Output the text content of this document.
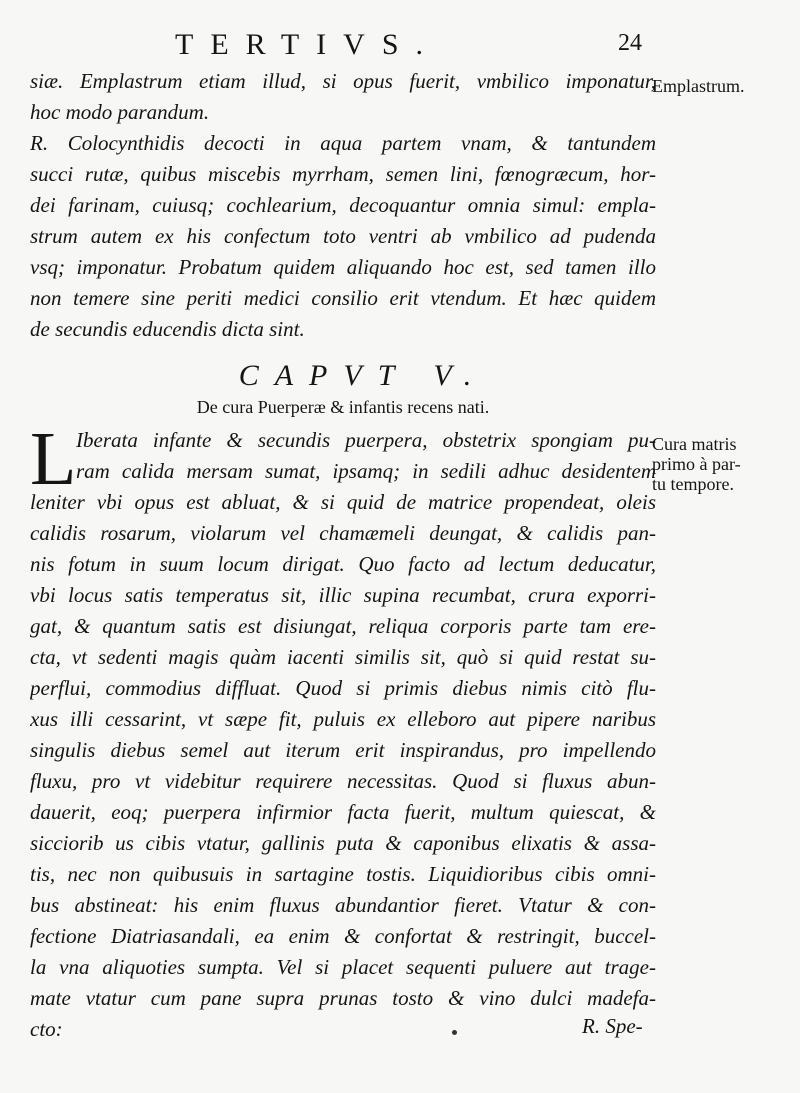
TERTIVS.	24
Emplastrum.
Cura matris
primo à par-
tu tempore.
siæ. Emplastrum etiam illud, si opus fuerit, vmbilico imponatur,
hoc modo parandum.
R. Colocynthidis decocti in aqua partem vnam, & tantundem
succi rutæ, quibus miscebis myrrham, semen lini, fœnogræcum, hor-
dei farinam, cuiusq; cochlearium, decoquantur omnia simul: empla-
strum autem ex his confectum toto ventri ab vmbilico ad pudenda
vsq; imponatur. Probatum quidem aliquando hoc est, sed tamen illo
non temere sine periti medici consilio erit vtendum. Et hæc quidem
de secundis educendis dicta sint.
CAPVT V.
De cura Puerperæ & infantis recens nati.
L Iberata infante & secundis puerpera, obstetrix spongiam pu-
ram calida mersam sumat, ipsamq; in sedili adhuc desidentem
leniter vbi opus est abluat, & si quid de matrice propendeat, oleis
calidis rosarum, violarum vel chamæmeli deungat, & calidis pan-
nis fotum in suum locum dirigat. Quo facto ad lectum deducatur,
vbi locus satis temperatus sit, illic supina recumbat, crura exporri-
gat, & quantum satis est disiungat, reliqua corporis parte tam ere-
cta, vt sedenti magis quàm iacenti similis sit, quò si quid restat su-
perflui, commodius diffluat. Quod si primis diebus nimis citò flu-
xus illi cessarint, vt sæpe fit, puluis ex elleboro aut pipere naribus
singulis diebus semel aut iterum erit inspirandus, pro impellendo
fluxu, pro vt videbitur requirere necessitas. Quod si fluxus abun-
dauerit, eoq; puerpera infirmior facta fuerit, multum quiescat, &
sicciorib us cibis vtatur, gallinis puta & caponibus elixatis & assa-
tis, nec non quibusuis in sartagine tostis. Liquidioribus cibis omni-
bus abstineat: his enim fluxus abundantior fieret. Vtatur & con-
fectione Diatriasandali, ea enim & confortat & restringit, buccel-
la vna aliquoties sumpta. Vel si placet sequenti puluere aut trage-
mate vtatur cum pane supra prunas tosto & vino dulci madefa-
cto:	R. Spe-
